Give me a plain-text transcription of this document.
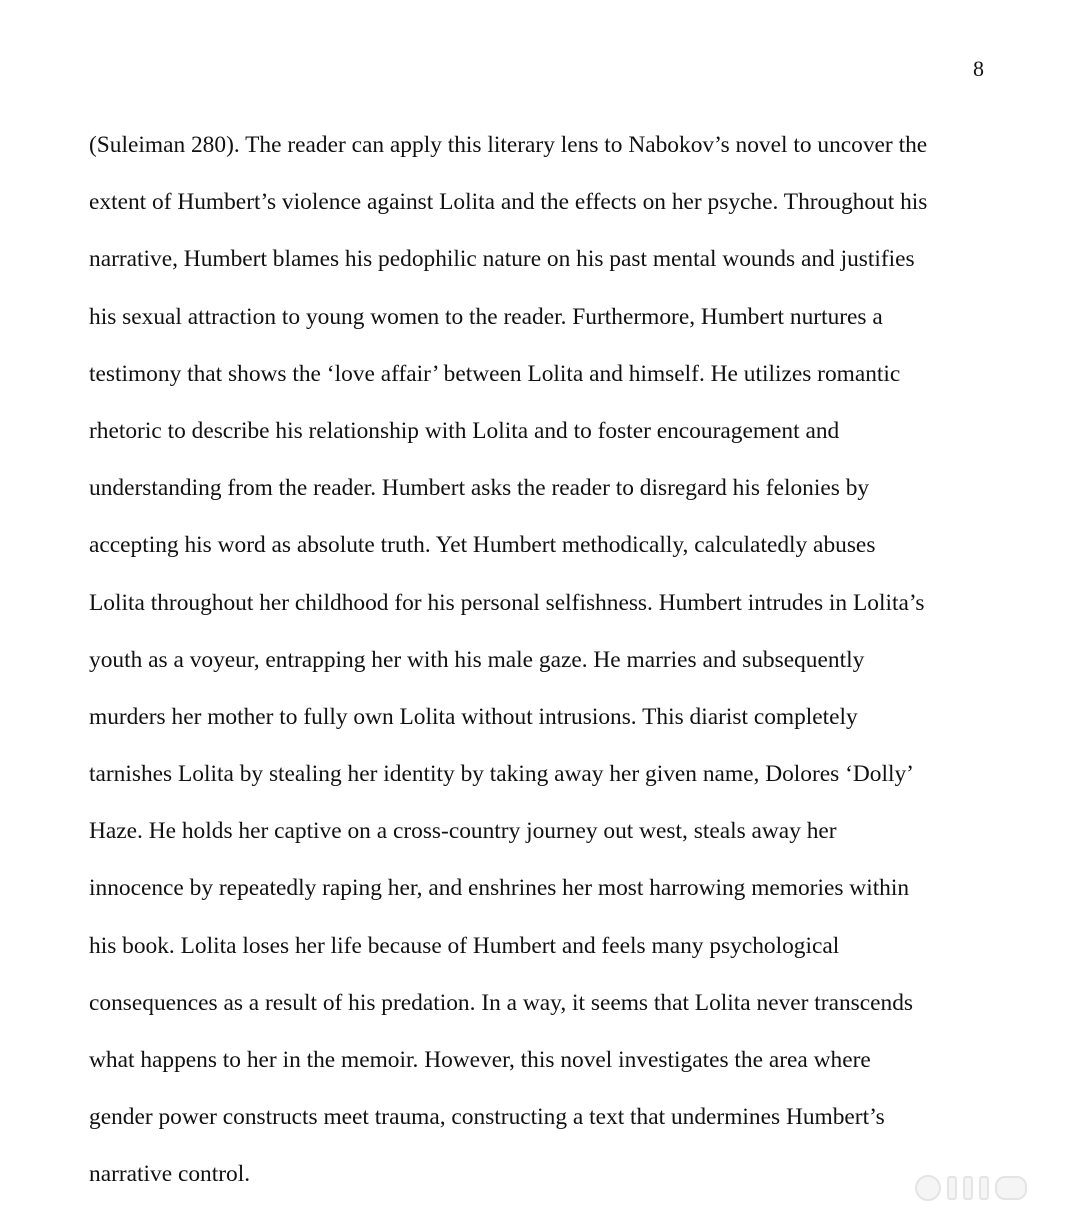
8
(Suleiman 280). The reader can apply this literary lens to Nabokov’s novel to uncover the
extent of Humbert’s violence against Lolita and the effects on her psyche. Throughout his
narrative, Humbert blames his pedophilic nature on his past mental wounds and justifies
his sexual attraction to young women to the reader. Furthermore, Humbert nurtures a
testimony that shows the ‘love affair’ between Lolita and himself. He utilizes romantic
rhetoric to describe his relationship with Lolita and to foster encouragement and
understanding from the reader. Humbert asks the reader to disregard his felonies by
accepting his word as absolute truth. Yet Humbert methodically, calculatedly abuses
Lolita throughout her childhood for his personal selfishness. Humbert intrudes in Lolita’s
youth as a voyeur, entrapping her with his male gaze. He marries and subsequently
murders her mother to fully own Lolita without intrusions. This diarist completely
tarnishes Lolita by stealing her identity by taking away her given name, Dolores ‘Dolly’
Haze. He holds her captive on a cross-country journey out west, steals away her
innocence by repeatedly raping her, and enshrines her most harrowing memories within
his book. Lolita loses her life because of Humbert and feels many psychological
consequences as a result of his predation. In a way, it seems that Lolita never transcends
what happens to her in the memoir. However, this novel investigates the area where
gender power constructs meet trauma, constructing a text that undermines Humbert’s
narrative control.
